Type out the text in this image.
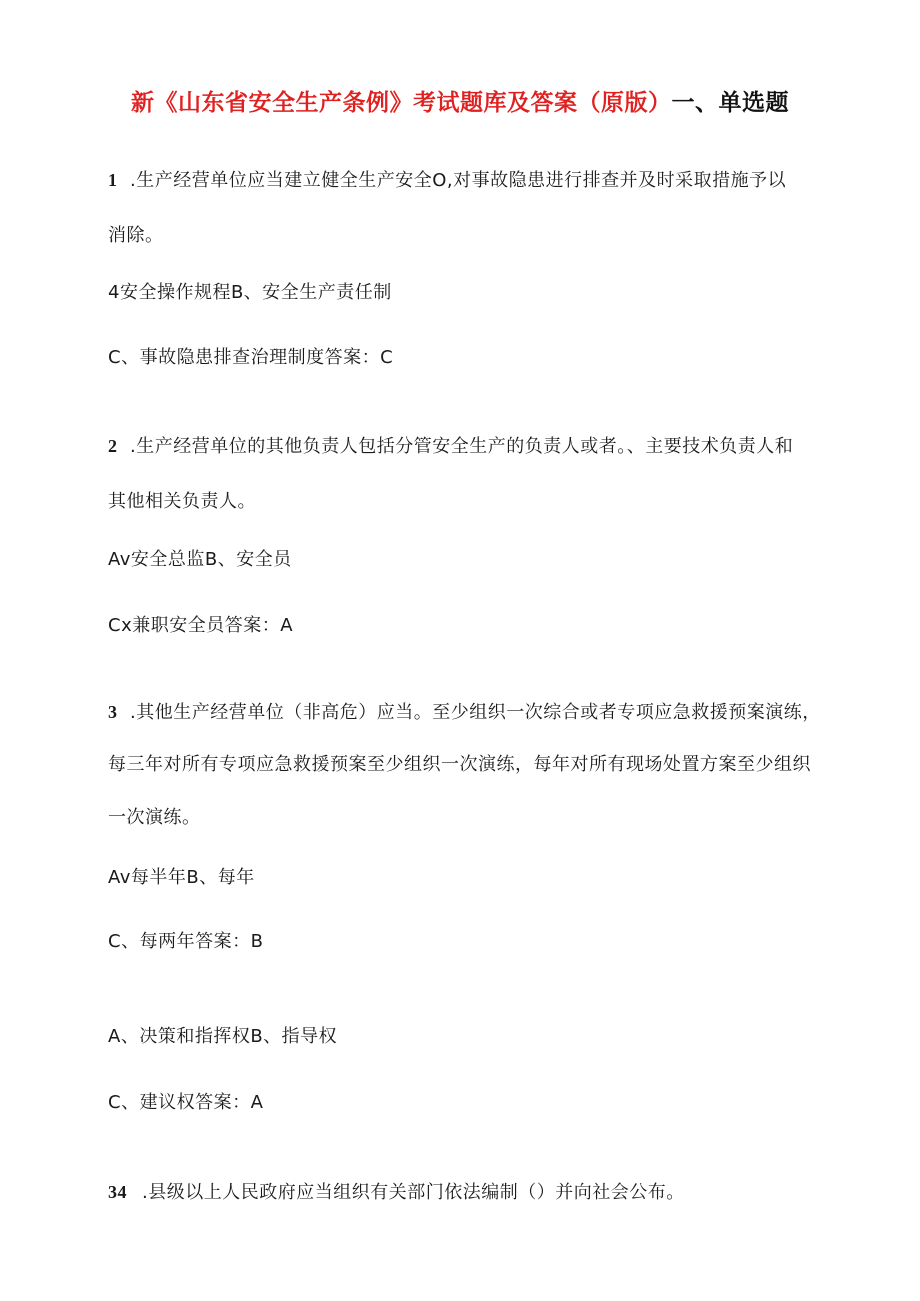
新《山东省安全生产条例》考试题库及答案（原版）一、单选题
1 .生产经营单位应当建立健全生产安全O,对事故隐患进行排查并及时采取措施予以
消除。
4安全操作规程B、安全生产责任制
C、事故隐患排查治理制度答案：C
2 .生产经营单位的其他负责人包括分管安全生产的负责人或者。、主要技术负责人和
其他相关负责人。
Av安全总监B、安全员
Cx兼职安全员答案：A
3 .其他生产经营单位（非高危）应当。至少组织一次综合或者专项应急救援预案演练，
每三年对所有专项应急救援预案至少组织一次演练，每年对所有现场处置方案至少组织
一次演练。
Av每半年B、每年
C、每两年答案：B
A、决策和指挥权B、指导权
C、建议权答案：A
34 .县级以上人民政府应当组织有关部门依法编制（）并向社会公布。
